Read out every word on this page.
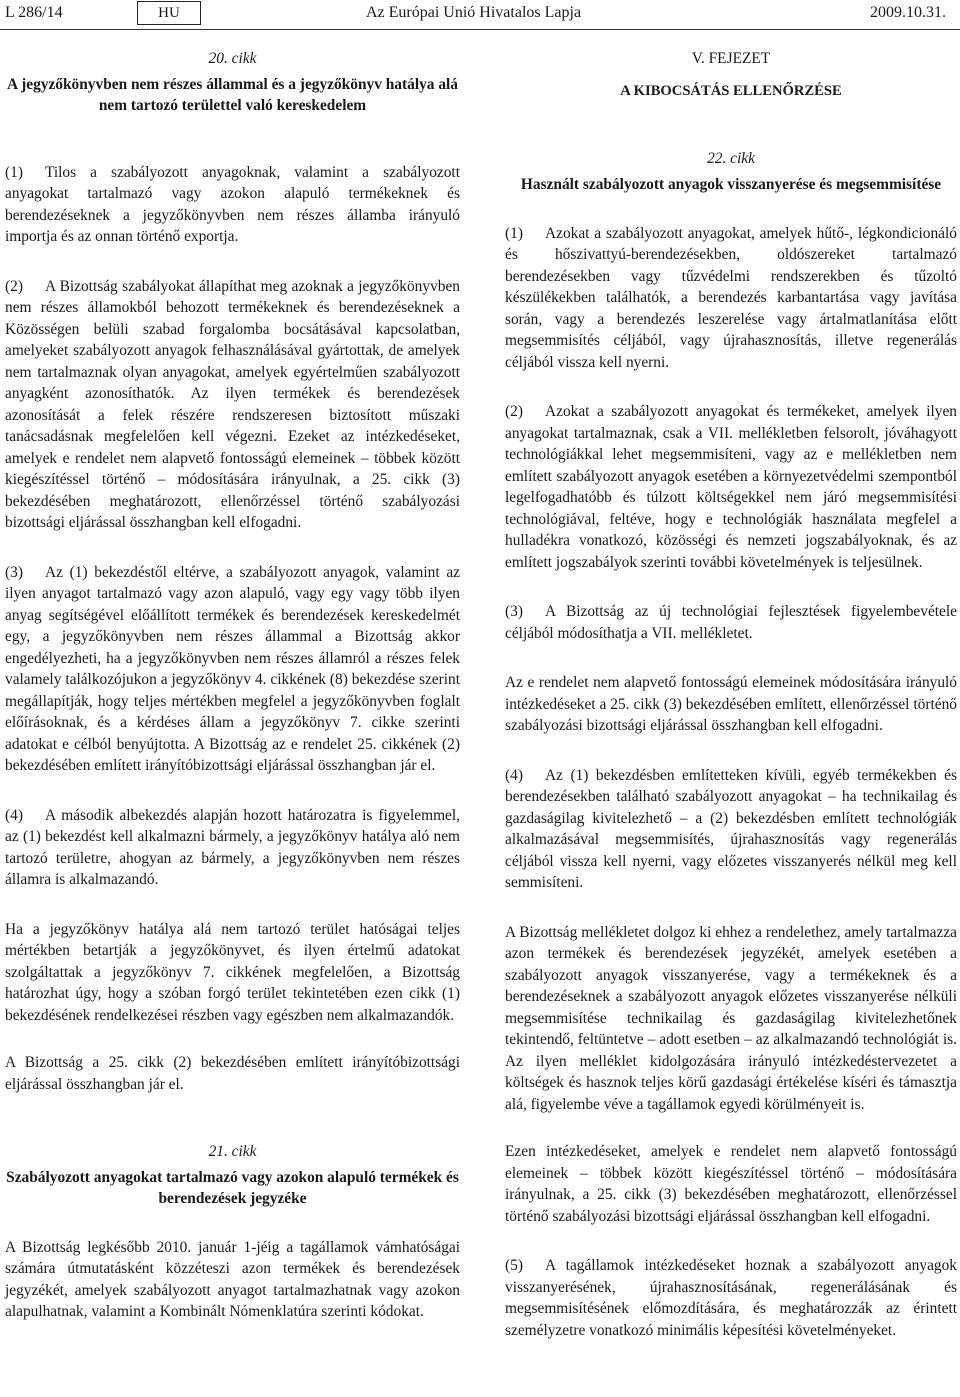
L 286/14	HU	Az Európai Unió Hivatalos Lapja	2009.10.31.

20. cikk

A jegyzőkönyvben nem részes állammal és a jegyzőkönyv hatálya alá nem tartozó területtel való kereskedelem

(1) Tilos a szabályozott anyagoknak, valamint a szabályozott anyagokat tartalmazó vagy azokon alapuló termékeknek és berendezéseknek a jegyzőkönyvben nem részes államba irányuló importja és az onnan történő exportja.

(2) A Bizottság szabályokat állapíthat meg azoknak a jegyzőkönyvben nem részes államokból behozott termékeknek és berendezéseknek a Közösségen belüli szabad forgalomba bocsátásával kapcsolatban, amelyeket szabályozott anyagok felhasználásával gyártottak, de amelyek nem tartalmaznak olyan anyagokat, amelyek egyértelműen szabályozott anyagként azonosíthatók. Az ilyen termékek és berendezések azonosítását a felek részére rendszeresen biztosított műszaki tanácsadásnak megfelelően kell végezni. Ezeket az intézkedéseket, amelyek e rendelet nem alapvető fontosságú elemeinek – többek között kiegészítéssel történő – módosítására irányulnak, a 25. cikk (3) bekezdésében meghatározott, ellenőrzéssel történő szabályozási bizottsági eljárással összhangban kell elfogadni.

(3) Az (1) bekezdéstől eltérve, a szabályozott anyagok, valamint az ilyen anyagot tartalmazó vagy azon alapuló, vagy egy vagy több ilyen anyag segítségével előállított termékek és berendezések kereskedelmét egy, a jegyzőkönyvben nem részes állammal a Bizottság akkor engedélyezheti, ha a jegyzőkönyvben nem részes államról a részes felek valamely találkozójukon a jegyzőkönyv 4. cikkének (8) bekezdése szerint megállapítják, hogy teljes mértékben megfelel a jegyzőkönyvben foglalt előírásoknak, és a kérdéses állam a jegyzőkönyv 7. cikke szerinti adatokat e célból benyújtotta. A Bizottság az e rendelet 25. cikkének (2) bekezdésében említett irányítóbizottsági eljárással összhangban jár el.

(4) A második albekezdés alapján hozott határozatra is figyelemmel, az (1) bekezdést kell alkalmazni bármely, a jegyzőkönyv hatálya aló nem tartozó területre, ahogyan az bármely, a jegyzőkönyvben nem részes államra is alkalmazandó.

Ha a jegyzőkönyv hatálya alá nem tartozó terület hatóságai teljes mértékben betartják a jegyzőkönyvet, és ilyen értelmű adatokat szolgáltattak a jegyzőkönyv 7. cikkének megfelelően, a Bizottság határozhat úgy, hogy a szóban forgó terület tekintetében ezen cikk (1) bekezdésének rendelkezései részben vagy egészben nem alkalmazandók.

A Bizottság a 25. cikk (2) bekezdésében említett irányítóbizottsági eljárással összhangban jár el.

21. cikk

Szabályozott anyagokat tartalmazó vagy azokon alapuló termékek és berendezések jegyzéke

A Bizottság legkésőbb 2010. január 1-jéig a tagállamok vámhatóságai számára útmutatásként közzéteszi azon termékek és berendezések jegyzékét, amelyek szabályozott anyagot tartalmazhatnak vagy azokon alapulhatnak, valamint a Kombinált Nómenklatúra szerinti kódokat.

V. FEJEZET

A KIBOCSÁTÁS ELLENŐRZÉSE

22. cikk

Használt szabályozott anyagok visszanyerése és megsemmisítése

(1) Azokat a szabályozott anyagokat, amelyek hűtő-, légkondicionáló és hőszivattyú-berendezésekben, oldószereket tartalmazó berendezésekben vagy tűzvédelmi rendszerekben és tűzoltó készülékekben találhatók, a berendezés karbantartása vagy javítása során, vagy a berendezés leszerelése vagy ártalmatlanítása előtt megsemmisítés céljából, vagy újrahasznosítás, illetve regenerálás céljából vissza kell nyerni.

(2) Azokat a szabályozott anyagokat és termékeket, amelyek ilyen anyagokat tartalmaznak, csak a VII. mellékletben felsorolt, jóváhagyott technológiákkal lehet megsemmisíteni, vagy az e mellékletben nem említett szabályozott anyagok esetében a környezetvédelmi szempontból legelfogadhatóbb és túlzott költségekkel nem járó megsemmisítési technológiával, feltéve, hogy e technológiák használata megfelel a hulladékra vonatkozó, közösségi és nemzeti jogszabályoknak, és az említett jogszabályok szerinti további követelmények is teljesülnek.

(3) A Bizottság az új technológiai fejlesztések figyelembevétele céljából módosíthatja a VII. mellékletet.

Az e rendelet nem alapvető fontosságú elemeinek módosítására irányuló intézkedéseket a 25. cikk (3) bekezdésében említett, ellenőrzéssel történő szabályozási bizottsági eljárással összhangban kell elfogadni.

(4) Az (1) bekezdésben említetteken kívüli, egyéb termékekben és berendezésekben található szabályozott anyagokat – ha technikailag és gazdaságilag kivitelezhető – a (2) bekezdésben említett technológiák alkalmazásával megsemmisítés, újrahasznosítás vagy regenerálás céljából vissza kell nyerni, vagy előzetes visszanyerés nélkül meg kell semmisíteni.

A Bizottság mellékletet dolgoz ki ehhez a rendelethez, amely tartalmazza azon termékek és berendezések jegyzékét, amelyek esetében a szabályozott anyagok visszanyerése, vagy a termékeknek és a berendezéseknek a szabályozott anyagok előzetes visszanyerése nélküli megsemmisítése technikailag és gazdaságilag kivitelezhetőnek tekintendő, feltüntetve – adott esetben – az alkalmazandó technológiát is. Az ilyen melléklet kidolgozására irányuló intézkedéstervezetet a költségek és hasznok teljes körű gazdasági értékelése kíséri és támasztja alá, figyelembe véve a tagállamok egyedi körülményeit is.

Ezen intézkedéseket, amelyek e rendelet nem alapvető fontosságú elemeinek – többek között kiegészítéssel történő – módosítására irányulnak, a 25. cikk (3) bekezdésében meghatározott, ellenőrzéssel történő szabályozási bizottsági eljárással összhangban kell elfogadni.

(5) A tagállamok intézkedéseket hoznak a szabályozott anyagok visszanyerésének, újrahasznosításának, regenerálásának és megsemmisítésének előmozdítására, és meghatározzák az érintett személyzetre vonatkozó minimális képesítési követelményeket.
